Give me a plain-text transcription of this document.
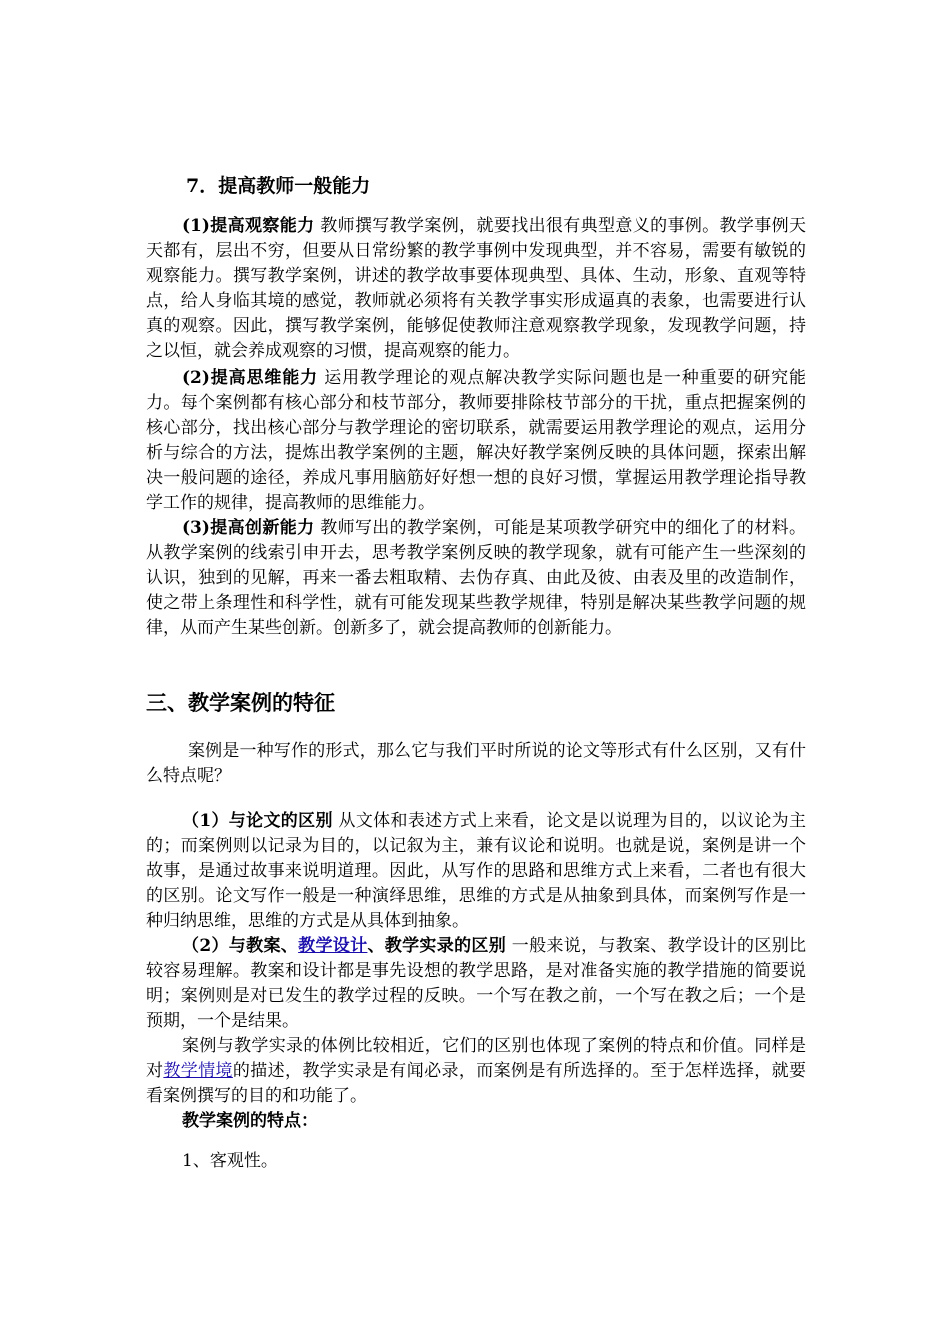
7．提高教师一般能力
(1)提高观察能力 教师撰写教学案例，就要找出很有典型意义的事例。教学事例天天都有，层出不穷，但要从日常纷繁的教学事例中发现典型，并不容易，需要有敏锐的观察能力。撰写教学案例，讲述的教学故事要体现典型、具体、生动，形象、直观等特点，给人身临其境的感觉，教师就必须将有关教学事实形成逼真的表象，也需要进行认真的观察。因此，撰写教学案例，能够促使教师注意观察教学现象，发现教学问题，持之以恒，就会养成观察的习惯，提高观察的能力。
(2)提高思维能力 运用教学理论的观点解决教学实际问题也是一种重要的研究能力。每个案例都有核心部分和枝节部分，教师要排除枝节部分的干扰，重点把握案例的核心部分，找出核心部分与教学理论的密切联系，就需要运用教学理论的观点，运用分析与综合的方法，提炼出教学案例的主题，解决好教学案例反映的具体问题，探索出解决一般问题的途径，养成凡事用脑筋好好想一想的良好习惯，掌握运用教学理论指导教学工作的规律，提高教师的思维能力。
(3)提高创新能力 教师写出的教学案例，可能是某项教学研究中的细化了的材料。从教学案例的线索引申开去，思考教学案例反映的教学现象，就有可能产生一些深刻的认识，独到的见解，再来一番去粗取精、去伪存真、由此及彼、由表及里的改造制作，使之带上条理性和科学性，就有可能发现某些教学规律，特别是解决某些教学问题的规律，从而产生某些创新。创新多了，就会提高教师的创新能力。
三、教学案例的特征
案例是一种写作的形式，那么它与我们平时所说的论文等形式有什么区别，又有什么特点呢？
（1）与论文的区别 从文体和表述方式上来看，论文是以说理为目的，以议论为主的；而案例则以记录为目的，以记叙为主，兼有议论和说明。也就是说，案例是讲一个故事，是通过故事来说明道理。因此，从写作的思路和思维方式上来看，二者也有很大的区别。论文写作一般是一种演绎思维，思维的方式是从抽象到具体，而案例写作是一种归纳思维，思维的方式是从具体到抽象。
（2）与教案、教学设计、教学实录的区别 一般来说，与教案、教学设计的区别比较容易理解。教案和设计都是事先设想的教学思路，是对准备实施的教学措施的简要说明；案例则是对已发生的教学过程的反映。一个写在教之前，一个写在教之后；一个是预期，一个是结果。
案例与教学实录的体例比较相近，它们的区别也体现了案例的特点和价值。同样是对教学情境的描述，教学实录是有闻必录，而案例是有所选择的。至于怎样选择，就要看案例撰写的目的和功能了。
教学案例的特点：
1、客观性。
